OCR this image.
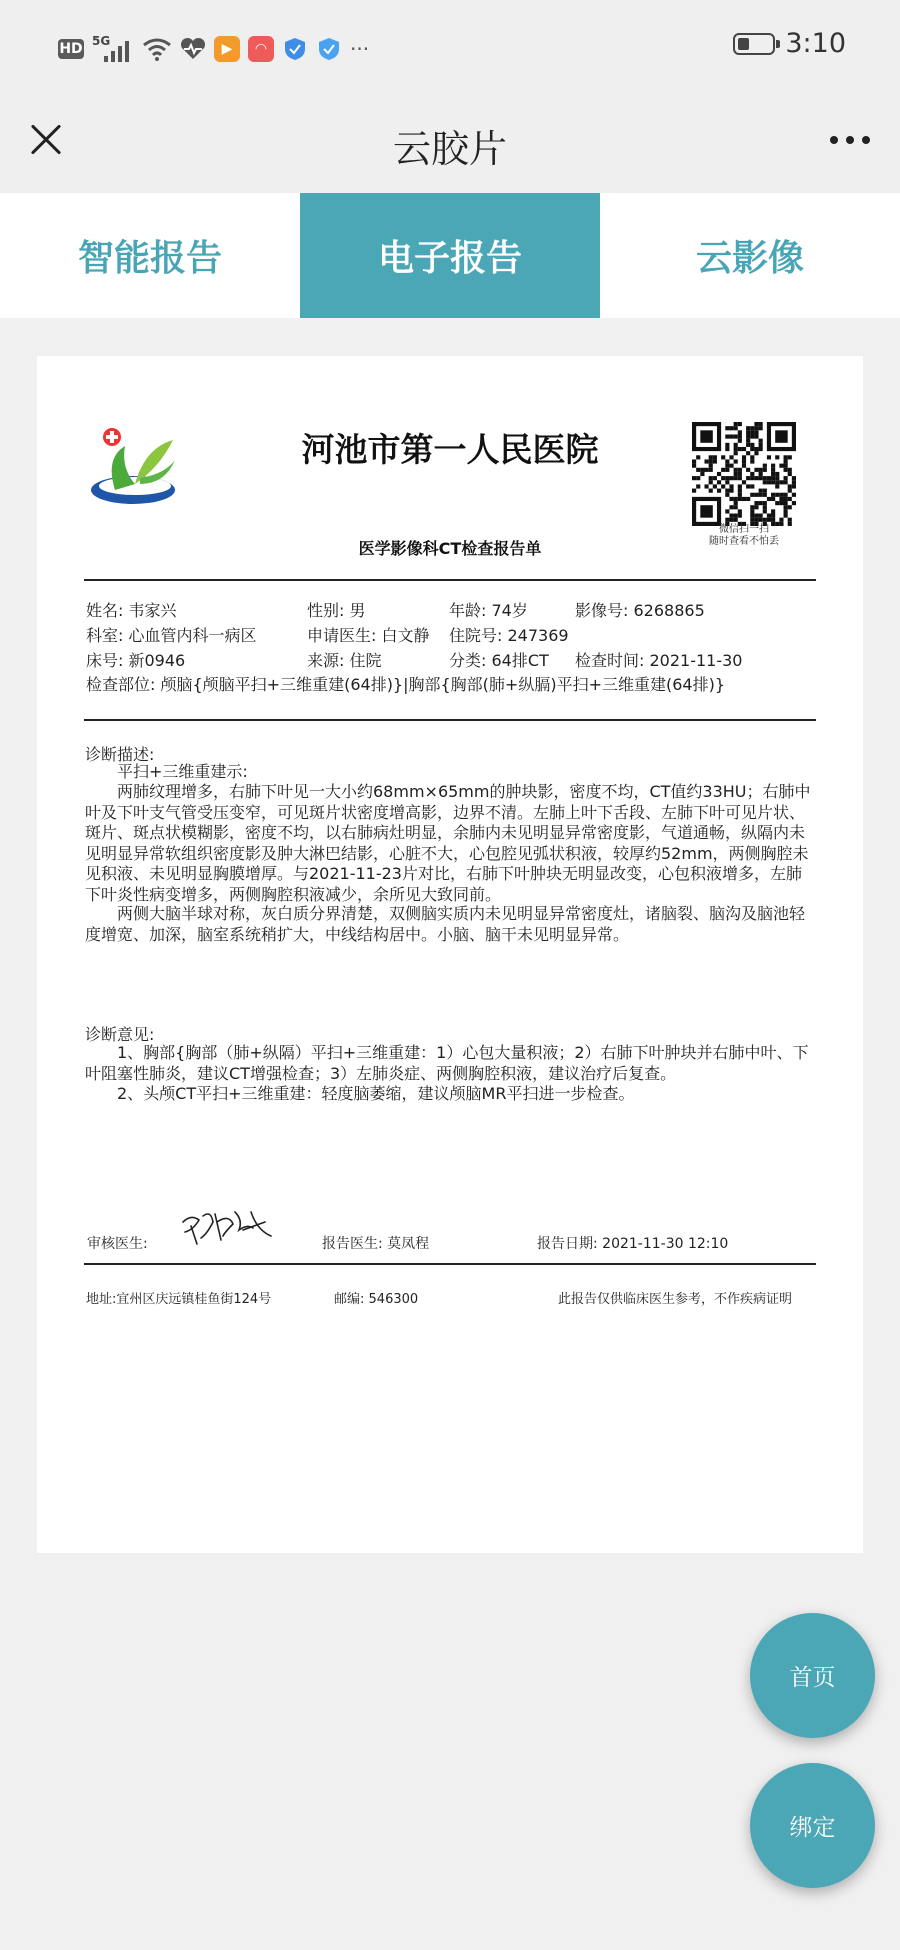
HD 5G	▶	◠	···	3:10
云胶片
智能报告	电子报告	云影像
河池市第一人民医院
医学影像科CT检查报告单
微信扫一扫
随时查看不怕丢
姓名 : 韦家兴	性别 : 男	年龄 : 74岁	影像号 : 6268865
科室 : 心血管内科一病区	申请医生 : 白文静 住院号 : 247369
床号 : 新0946	来源 : 住院	分类 : 64排CT 检查时间 : 2021-11-30
检查部位 : 颅脑{颅脑平扫+三维重建(64排)}|胸部{胸部(肺+纵膈)平扫+三维重建(64排)}
诊断描述:
平扫+三维重建示:
两肺纹理增多，右肺下叶见一大小约68mm×65mm的肿块影，密度不均，CT值约33HU；右肺中叶及下叶支气管受压变窄，可见斑片状密度增高影，边界不清。左肺上叶下舌段、左肺下叶可见片状、斑片、斑点状模糊影，密度不均，以右肺病灶明显，余肺内未见明显异常密度影，气道通畅，纵隔内未见明显异常软组织密度影及肿大淋巴结影，心脏不大，心包腔见弧状积液，较厚约52mm，两侧胸腔未见积液、未见明显胸膜增厚。与2021-11-23片对比，右肺下叶肿块无明显改变，心包积液增多，左肺下叶炎性病变增多，两侧胸腔积液减少，余所见大致同前。
两侧大脑半球对称，灰白质分界清楚，双侧脑实质内未见明显异常密度灶，诸脑裂、脑沟及脑池轻度增宽、加深，脑室系统稍扩大，中线结构居中。小脑、脑干未见明显异常。
诊断意见:
1、胸部{胸部（肺+纵隔）平扫+三维重建：1）心包大量积液；2）右肺下叶肿块并右肺中叶、下叶阻塞性肺炎，建议CT增强检查；3）左肺炎症、两侧胸腔积液，建议治疗后复查。
2、头颅CT平扫+三维重建：轻度脑萎缩，建议颅脑MR平扫进一步检查。
审核医生:	报告医生: 莫凤程	报告日期: 2021-11-30 12:10
地址:宜州区庆远镇桂鱼街124号	邮编: 546300	此报告仅供临床医生参考，不作疾病证明
首页
绑定
